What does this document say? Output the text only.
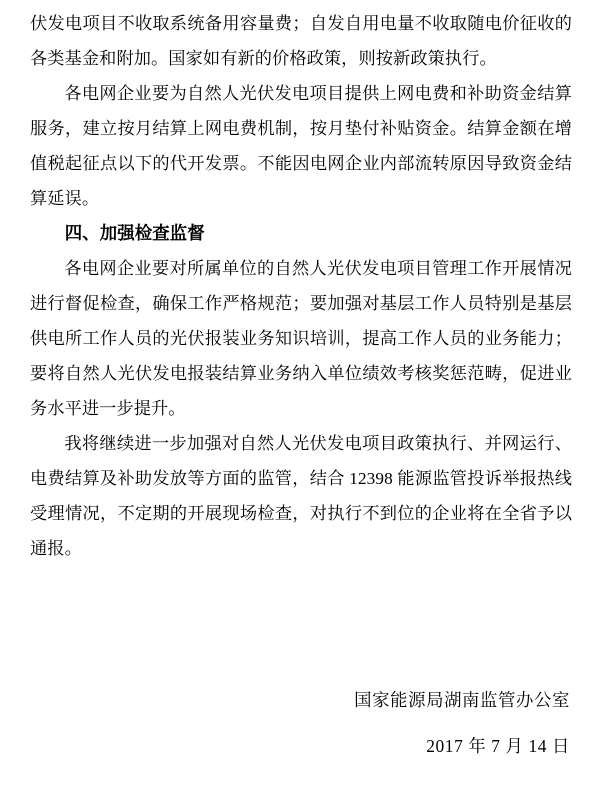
伏发电项目不收取系统备用容量费；自发自用电量不收取随电价征收的各类基金和附加。国家如有新的价格政策，则按新政策执行。

各电网企业要为自然人光伏发电项目提供上网电费和补助资金结算服务，建立按月结算上网电费机制，按月垫付补贴资金。结算金额在增值税起征点以下的代开发票。不能因电网企业内部流转原因导致资金结算延误。

四、加强检查监督

各电网企业要对所属单位的自然人光伏发电项目管理工作开展情况进行督促检查，确保工作严格规范；要加强对基层工作人员特别是基层供电所工作人员的光伏报装业务知识培训，提高工作人员的业务能力；要将自然人光伏发电报装结算业务纳入单位绩效考核奖惩范畴，促进业务水平进一步提升。

我将继续进一步加强对自然人光伏发电项目政策执行、并网运行、电费结算及补助发放等方面的监管，结合 12398 能源监管投诉举报热线受理情况，不定期的开展现场检查，对执行不到位的企业将在全省予以通报。

国家能源局湖南监管办公室

2017 年 7 月 14 日
